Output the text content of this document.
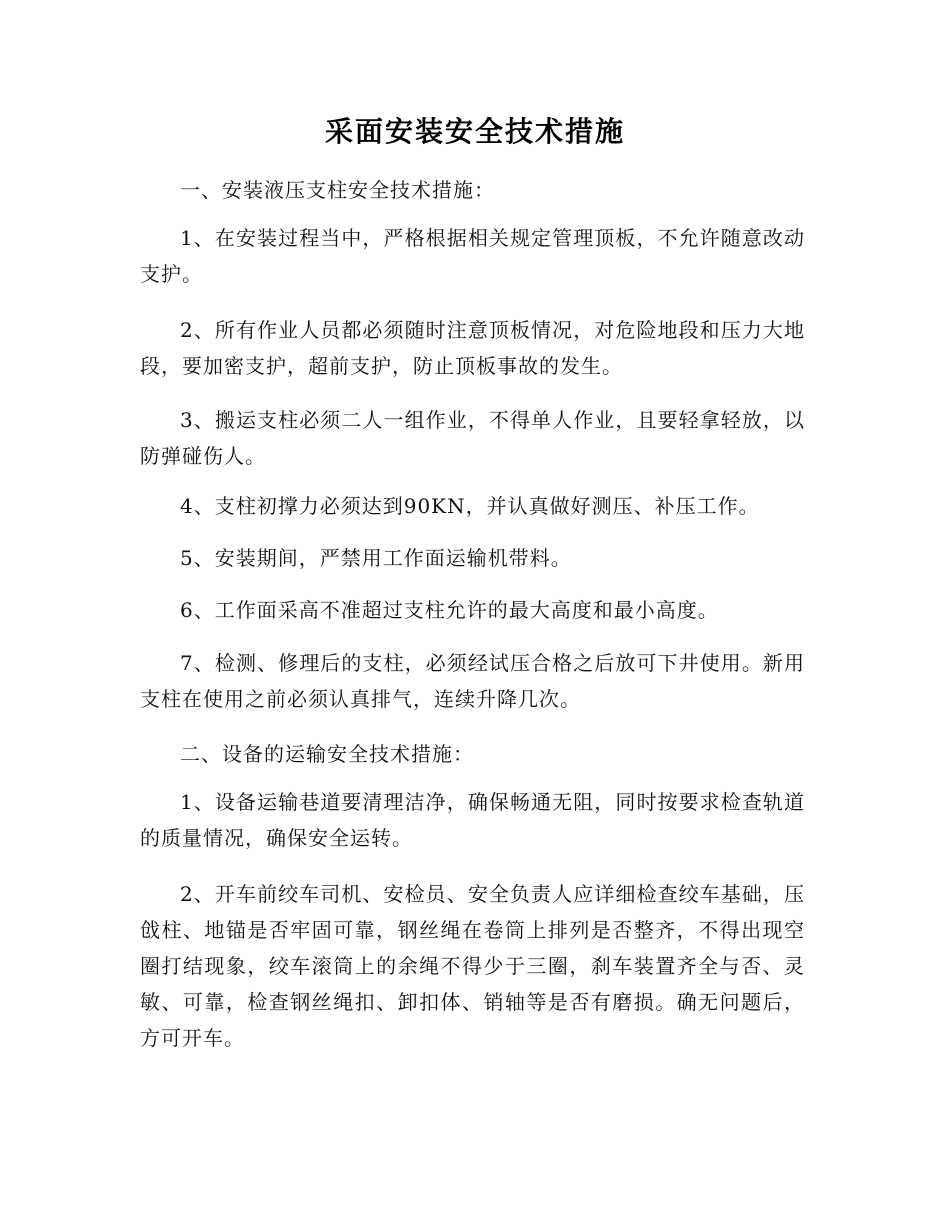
采面安装安全技术措施

一、安装液压支柱安全技术措施：

1、在安装过程当中，严格根据相关规定管理顶板，不允许随意改动支护。

2、所有作业人员都必须随时注意顶板情况，对危险地段和压力大地段，要加密支护，超前支护，防止顶板事故的发生。

3、搬运支柱必须二人一组作业，不得单人作业，且要轻拿轻放，以防弹碰伤人。

4、支柱初撑力必须达到90KN，并认真做好测压、补压工作。

5、安装期间，严禁用工作面运输机带料。

6、工作面采高不准超过支柱允许的最大高度和最小高度。

7、检测、修理后的支柱，必须经试压合格之后放可下井使用。新用支柱在使用之前必须认真排气，连续升降几次。

二、设备的运输安全技术措施：

1、设备运输巷道要清理洁净，确保畅通无阻，同时按要求检查轨道的质量情况，确保安全运转。

2、开车前绞车司机、安检员、安全负责人应详细检查绞车基础，压戗柱、地锚是否牢固可靠，钢丝绳在卷筒上排列是否整齐，不得出现空圈打结现象，绞车滚筒上的余绳不得少于三圈，刹车装置齐全与否、灵敏、可靠，检查钢丝绳扣、卸扣体、销轴等是否有磨损。确无问题后，方可开车。
